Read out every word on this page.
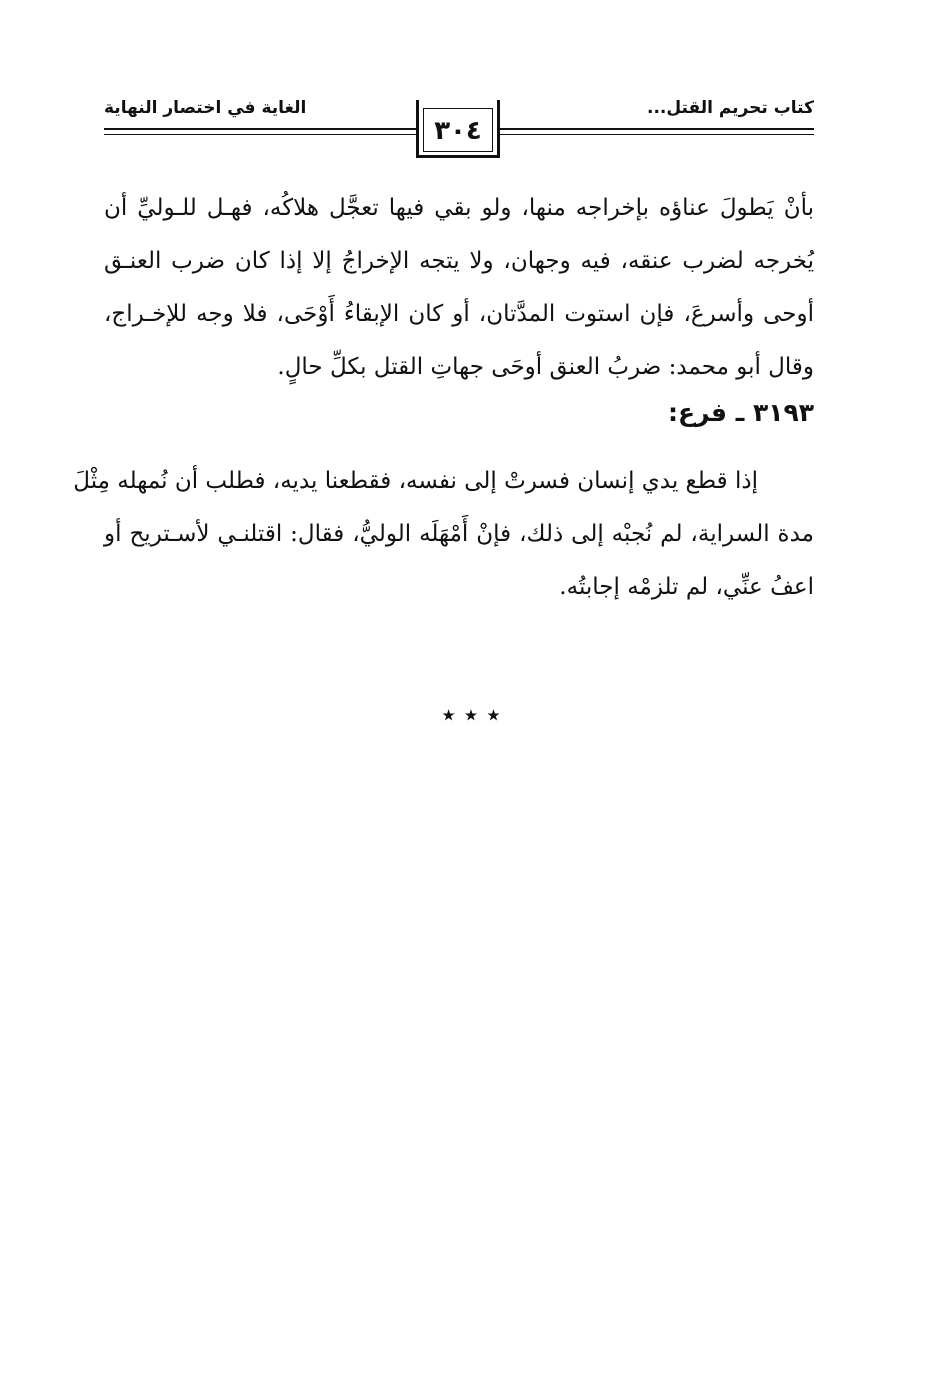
كتاب تحريم القتل...
الغاية في اختصار النهاية
٣٠٤
بأنْ يَطولَ عناؤه بإخراجه منها، ولو بقي فيها تعجَّل هلاكُه، فهـل للـوليِّ أن
يُخرجه لضرب عنقه، فيه وجهان، ولا يتجه الإخراجُ إلا إذا كان ضرب العنـق
أوحى وأسرعَ، فإن استوت المدَّتان، أو كان الإبقاءُ أَوْحَى، فلا وجه للإخـراج،
وقال أبو محمد: ضربُ العنق أوحَى جهاتِ القتل بكلِّ حالٍ.
٣١٩٣ ـ فرع:
إذا قطع يدي إنسان فسرتْ إلى نفسه، فقطعنا يديه، فطلب أن نُمهله مِثْلَ
مدة السراية، لم نُجبْه إلى ذلك، فإنْ أَمْهَلَه الوليُّ، فقال: اقتلنـي لأسـتريح أو
اعفُ عنِّي، لم تلزمْه إجابتُه.
٭ ٭ ٭
